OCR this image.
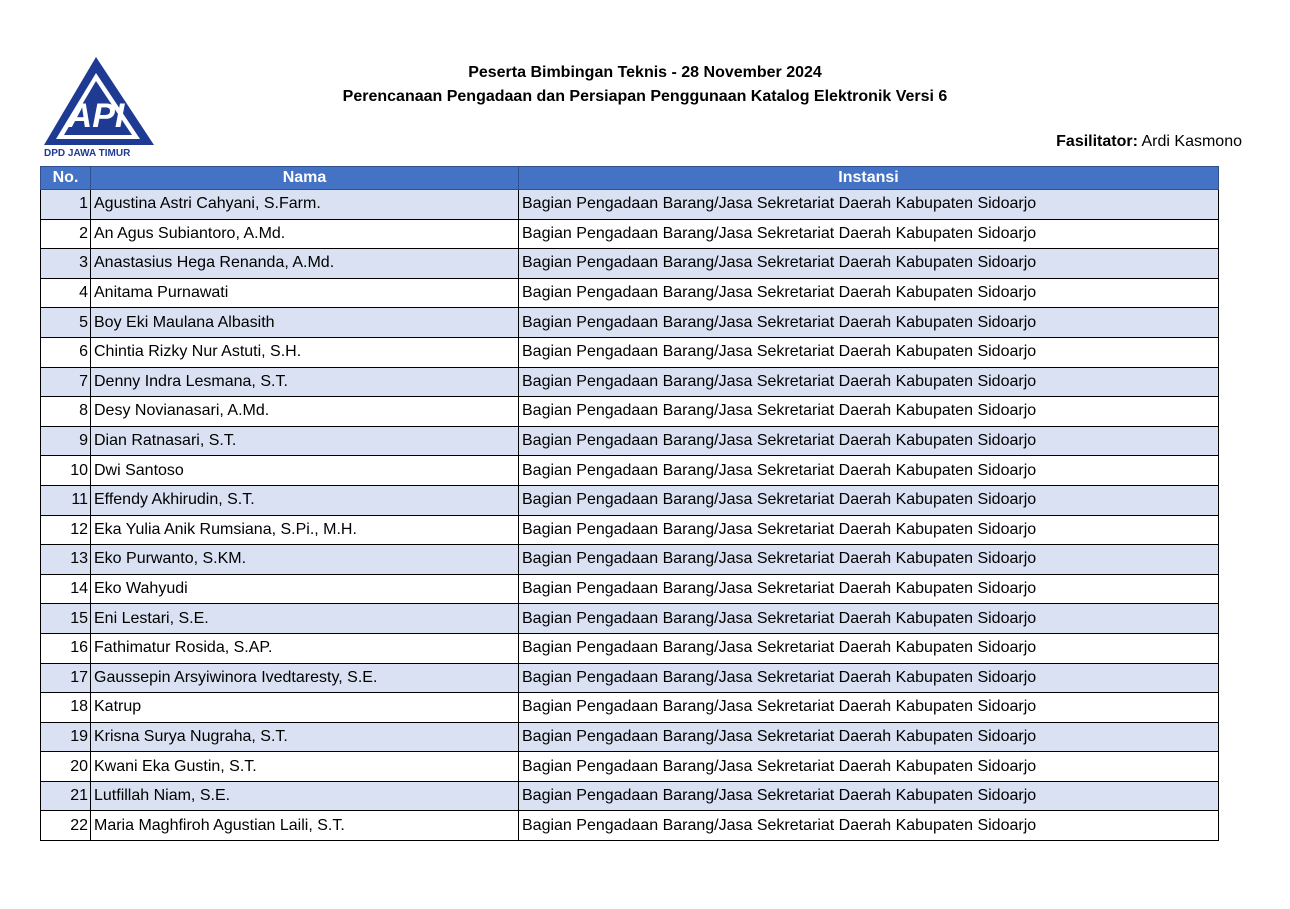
API
DPD JAWA TIMUR
Peserta Bimbingan Teknis - 28 November 2024
Perencanaan Pengadaan dan Persiapan Penggunaan Katalog Elektronik Versi 6
Fasilitator: Ardi Kasmono
No.	Nama	Instansi
1	Agustina Astri Cahyani, S.Farm.	Bagian Pengadaan Barang/Jasa Sekretariat Daerah Kabupaten Sidoarjo
2	An Agus Subiantoro, A.Md.	Bagian Pengadaan Barang/Jasa Sekretariat Daerah Kabupaten Sidoarjo
3	Anastasius Hega Renanda, A.Md.	Bagian Pengadaan Barang/Jasa Sekretariat Daerah Kabupaten Sidoarjo
4	Anitama Purnawati	Bagian Pengadaan Barang/Jasa Sekretariat Daerah Kabupaten Sidoarjo
5	Boy Eki Maulana Albasith	Bagian Pengadaan Barang/Jasa Sekretariat Daerah Kabupaten Sidoarjo
6	Chintia Rizky Nur Astuti, S.H.	Bagian Pengadaan Barang/Jasa Sekretariat Daerah Kabupaten Sidoarjo
7	Denny Indra Lesmana, S.T.	Bagian Pengadaan Barang/Jasa Sekretariat Daerah Kabupaten Sidoarjo
8	Desy Novianasari, A.Md.	Bagian Pengadaan Barang/Jasa Sekretariat Daerah Kabupaten Sidoarjo
9	Dian Ratnasari, S.T.	Bagian Pengadaan Barang/Jasa Sekretariat Daerah Kabupaten Sidoarjo
10	Dwi Santoso	Bagian Pengadaan Barang/Jasa Sekretariat Daerah Kabupaten Sidoarjo
11	Effendy Akhirudin, S.T.	Bagian Pengadaan Barang/Jasa Sekretariat Daerah Kabupaten Sidoarjo
12	Eka Yulia Anik Rumsiana, S.Pi., M.H.	Bagian Pengadaan Barang/Jasa Sekretariat Daerah Kabupaten Sidoarjo
13	Eko Purwanto, S.KM.	Bagian Pengadaan Barang/Jasa Sekretariat Daerah Kabupaten Sidoarjo
14	Eko Wahyudi	Bagian Pengadaan Barang/Jasa Sekretariat Daerah Kabupaten Sidoarjo
15	Eni Lestari, S.E.	Bagian Pengadaan Barang/Jasa Sekretariat Daerah Kabupaten Sidoarjo
16	Fathimatur Rosida, S.AP.	Bagian Pengadaan Barang/Jasa Sekretariat Daerah Kabupaten Sidoarjo
17	Gaussepin Arsyiwinora Ivedtaresty, S.E.	Bagian Pengadaan Barang/Jasa Sekretariat Daerah Kabupaten Sidoarjo
18	Katrup	Bagian Pengadaan Barang/Jasa Sekretariat Daerah Kabupaten Sidoarjo
19	Krisna Surya Nugraha, S.T.	Bagian Pengadaan Barang/Jasa Sekretariat Daerah Kabupaten Sidoarjo
20	Kwani Eka Gustin, S.T.	Bagian Pengadaan Barang/Jasa Sekretariat Daerah Kabupaten Sidoarjo
21	Lutfillah Niam, S.E.	Bagian Pengadaan Barang/Jasa Sekretariat Daerah Kabupaten Sidoarjo
22	Maria Maghfiroh Agustian Laili, S.T.	Bagian Pengadaan Barang/Jasa Sekretariat Daerah Kabupaten Sidoarjo
